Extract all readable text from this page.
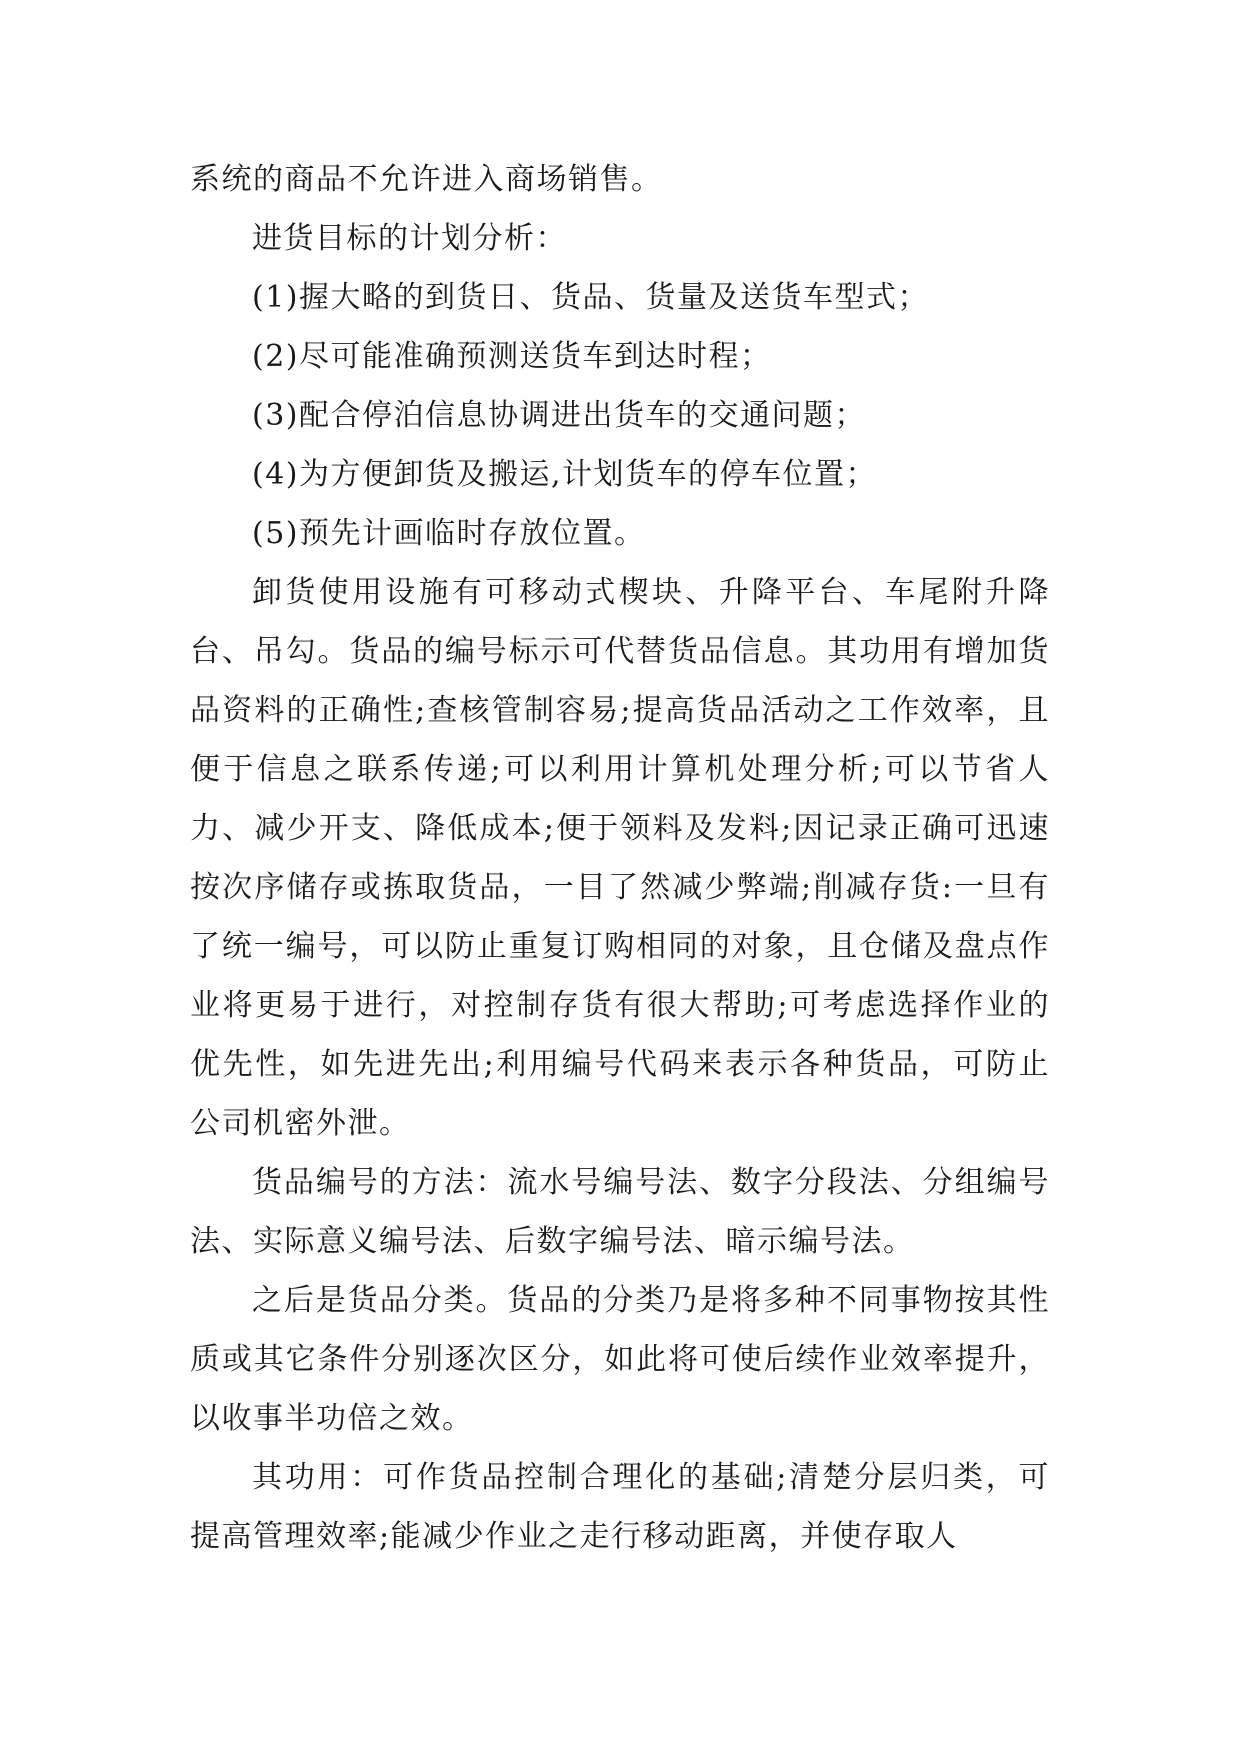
系统的商品不允许进入商场销售。

进货目标的计划分析：

(1)握大略的到货日、货品、货量及送货车型式；

(2)尽可能准确预测送货车到达时程；

(3)配合停泊信息协调进出货车的交通问题；

(4)为方便卸货及搬运,计划货车的停车位置；

(5)预先计画临时存放位置。

卸货使用设施有可移动式楔块、升降平台、车尾附升降台、吊勾。货品的编号标示可代替货品信息。其功用有增加货品资料的正确性;查核管制容易;提高货品活动之工作效率，且便于信息之联系传递;可以利用计算机处理分析;可以节省人力、减少开支、降低成本;便于领料及发料;因记录正确可迅速按次序储存或拣取货品，一目了然减少弊端;削减存货:一旦有了统一编号，可以防止重复订购相同的对象，且仓储及盘点作业将更易于进行，对控制存货有很大帮助;可考虑选择作业的优先性，如先进先出;利用编号代码来表示各种货品，可防止公司机密外泄。

货品编号的方法：流水号编号法、数字分段法、分组编号法、实际意义编号法、后数字编号法、暗示编号法。

之后是货品分类。货品的分类乃是将多种不同事物按其性质或其它条件分别逐次区分，如此将可使后续作业效率提升，以收事半功倍之效。

其功用：可作货品控制合理化的基础;清楚分层归类，可提高管理效率;能减少作业之走行移动距离，并使存取人
